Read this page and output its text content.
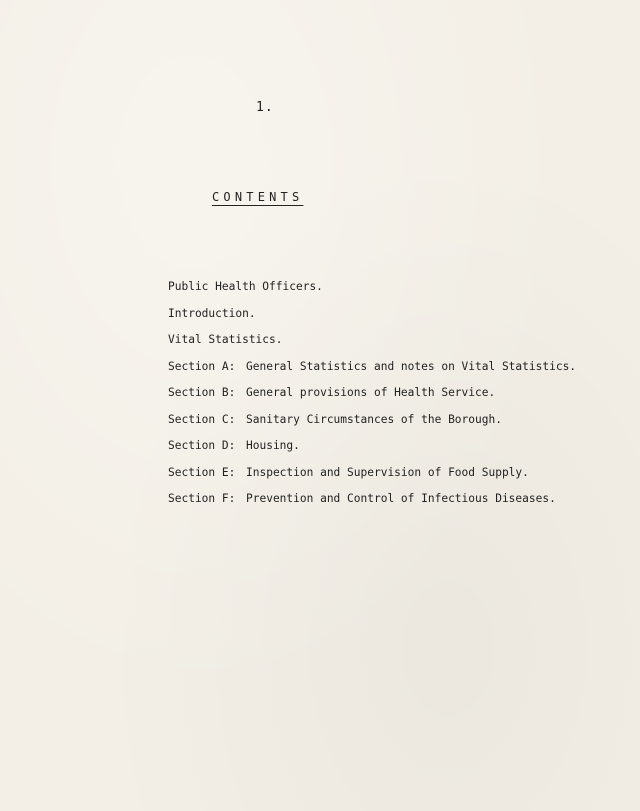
1.
CONTENTS
Public Health Officers.
Introduction.
Vital Statistics.
Section A: General Statistics and notes on Vital Statistics.
Section B: General provisions of Health Service.
Section C: Sanitary Circumstances of the Borough.
Section D: Housing.
Section E: Inspection and Supervision of Food Supply.
Section F: Prevention and Control of Infectious Diseases.
